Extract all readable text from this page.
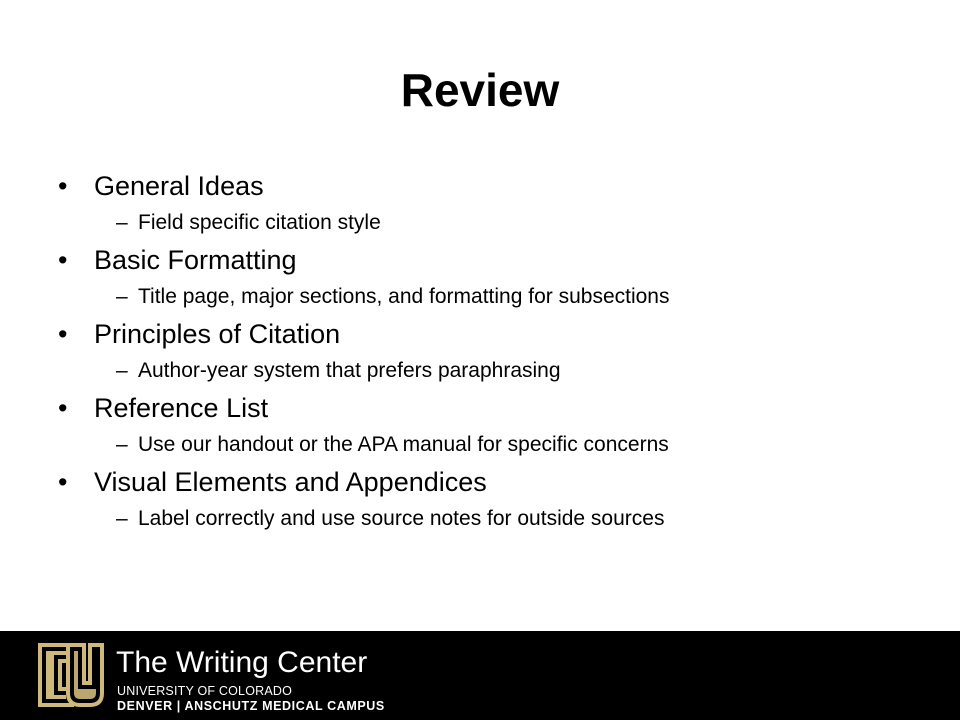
Review
• General Ideas
– Field specific citation style
• Basic Formatting
– Title page, major sections, and formatting for subsections
• Principles of Citation
– Author-year system that prefers paraphrasing
• Reference List
– Use our handout or the APA manual for specific concerns
• Visual Elements and Appendices
– Label correctly and use source notes for outside sources
The Writing Center
UNIVERSITY OF COLORADO
DENVER | ANSCHUTZ MEDICAL CAMPUS
